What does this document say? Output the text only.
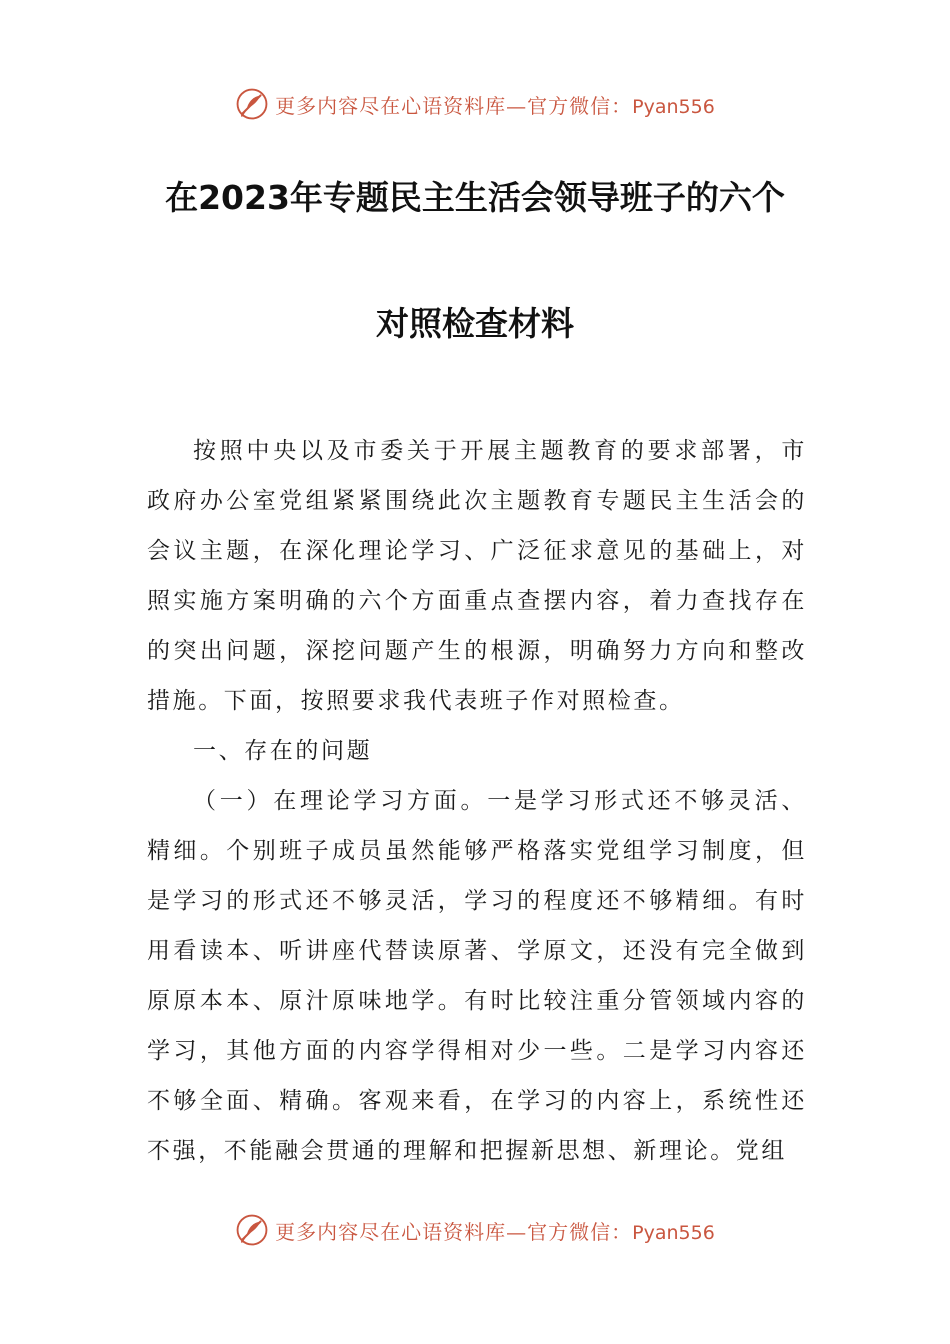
更多内容尽在心语资料库—官方微信：Pyan556
在2023年专题民主生活会领导班子的六个
对照检查材料

按照中央以及市委关于开展主题教育的要求部署，市政府办公室党组紧紧围绕此次主题教育专题民主生活会的会议主题，在深化理论学习、广泛征求意见的基础上，对照实施方案明确的六个方面重点查摆内容，着力查找存在的突出问题，深挖问题产生的根源，明确努力方向和整改措施。下面，按照要求我代表班子作对照检查。

一、存在的问题

（一）在理论学习方面。一是学习形式还不够灵活、精细。个别班子成员虽然能够严格落实党组学习制度，但是学习的形式还不够灵活，学习的程度还不够精细。有时用看读本、听讲座代替读原著、学原文，还没有完全做到原原本本、原汁原味地学。有时比较注重分管领域内容的学习，其他方面的内容学得相对少一些。二是学习内容还不够全面、精确。客观来看，在学习的内容上，系统性还不强，不能融会贯通的理解和把握新思想、新理论。党组

更多内容尽在心语资料库—官方微信：Pyan556
